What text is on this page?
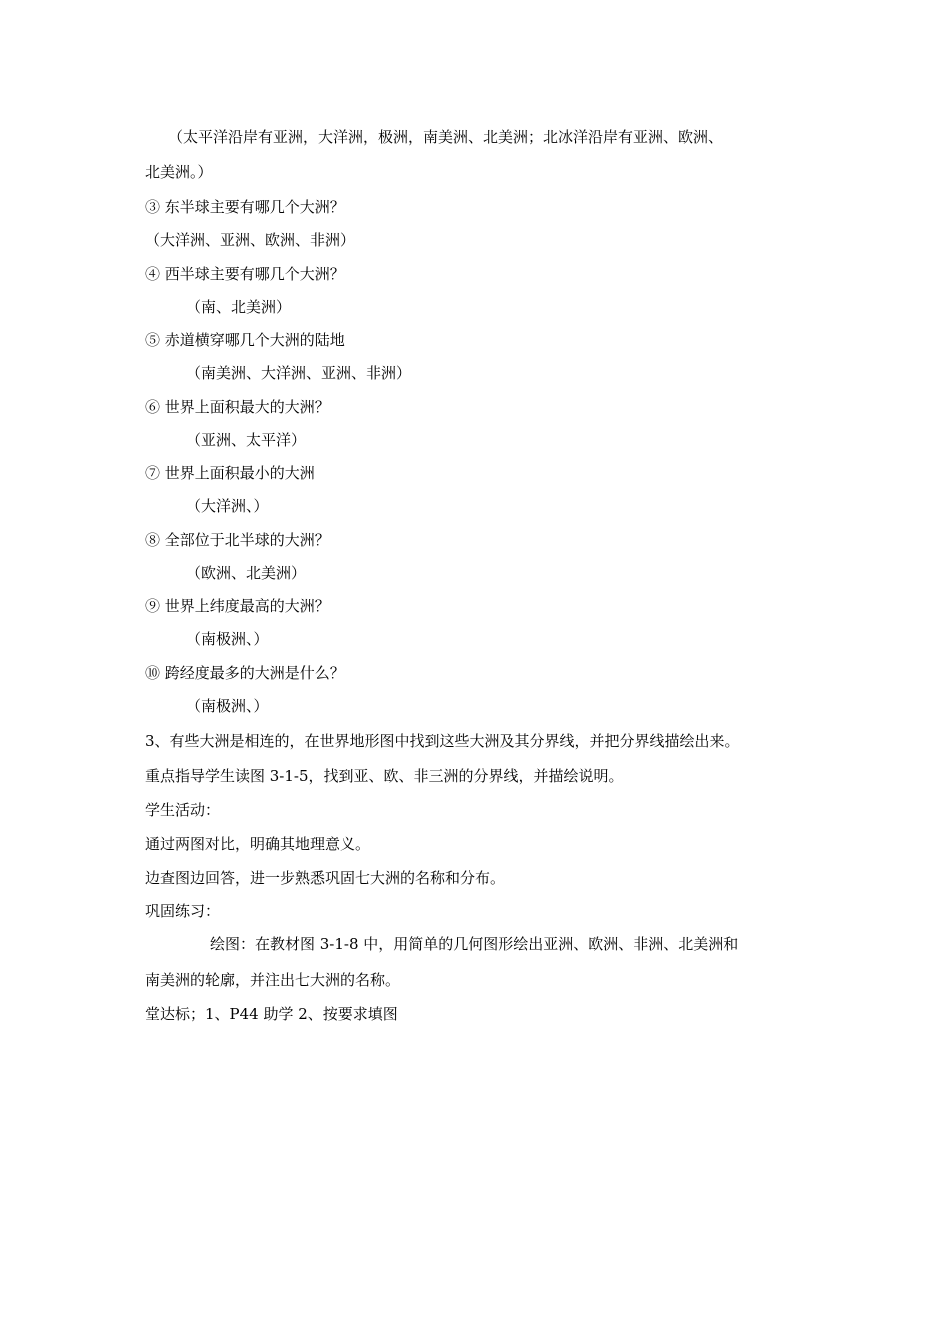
（太平洋沿岸有亚洲，大洋洲，极洲，南美洲、北美洲；北冰洋沿岸有亚洲、欧洲、
北美洲。）
③ 东半球主要有哪几个大洲？
（大洋洲、亚洲、欧洲、非洲）
④ 西半球主要有哪几个大洲？
（南、北美洲）
⑤ 赤道横穿哪几个大洲的陆地
（南美洲、大洋洲、亚洲、非洲）
⑥ 世界上面积最大的大洲？
（亚洲、太平洋）
⑦ 世界上面积最小的大洲
（大洋洲、）
⑧ 全部位于北半球的大洲？
（欧洲、北美洲）
⑨ 世界上纬度最高的大洲？
（南极洲、）
⑩ 跨经度最多的大洲是什么？
（南极洲、）
3、有些大洲是相连的，在世界地形图中找到这些大洲及其分界线，并把分界线描绘出来。
重点指导学生读图 3-1-5，找到亚、欧、非三洲的分界线，并描绘说明。
学生活动：
通过两图对比，明确其地理意义。
边查图边回答，进一步熟悉巩固七大洲的名称和分布。
巩固练习：
绘图：在教材图 3-1-8 中，用简单的几何图形绘出亚洲、欧洲、非洲、北美洲和
南美洲的轮廓，并注出七大洲的名称。
堂达标；1、P44 助学 2、按要求填图
